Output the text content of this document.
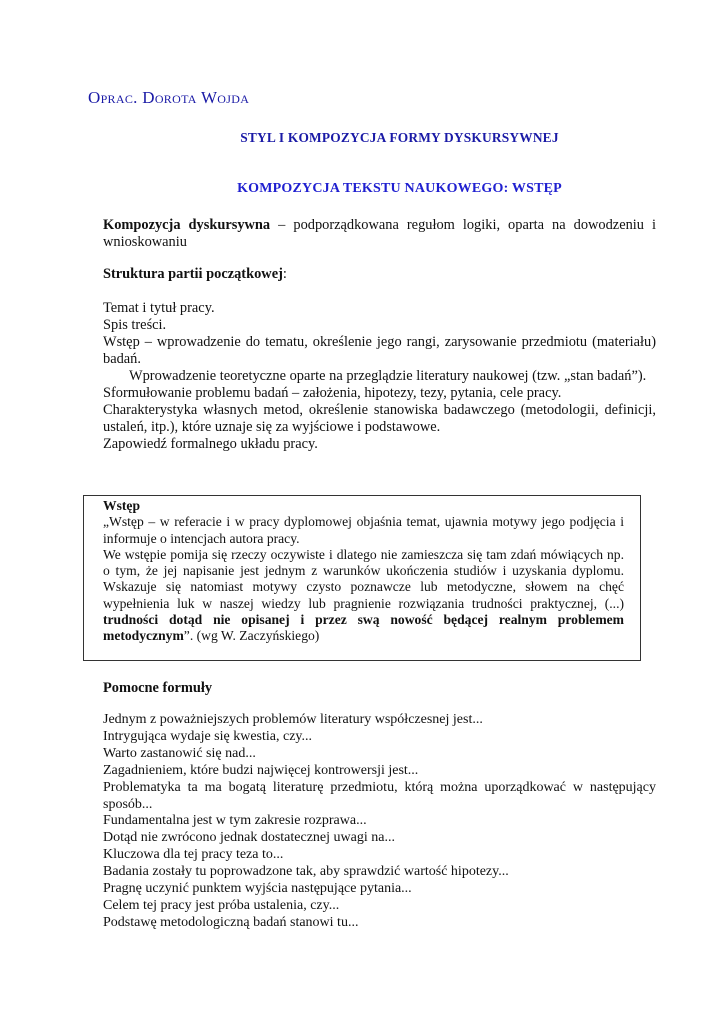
Oprac. Dorota Wojda
STYL I KOMPOZYCJA FORMY DYSKURSYWNEJ
KOMPOZYCJA TEKSTU NAUKOWEGO: WSTĘP
Kompozycja dyskursywna – podporządkowana regułom logiki, oparta na dowodzeniu i wnioskowaniu
Struktura partii początkowej:
Temat i tytuł pracy.
Spis treści.
Wstęp – wprowadzenie do tematu, określenie jego rangi, zarysowanie przedmiotu (materiału) badań.
Wprowadzenie teoretyczne oparte na przeglądzie literatury naukowej (tzw. „stan badań”).
Sformułowanie problemu badań – założenia, hipotezy, tezy, pytania, cele pracy.
Charakterystyka własnych metod, określenie stanowiska badawczego (metodologii, definicji, ustaleń, itp.), które uznaje się za wyjściowe i podstawowe.
Zapowiedź formalnego układu pracy.
Wstęp
„Wstęp – w referacie i w pracy dyplomowej objaśnia temat, ujawnia motywy jego podjęcia i informuje o intencjach autora pracy.
We wstępie pomija się rzeczy oczywiste i dlatego nie zamieszcza się tam zdań mówiących np. o tym, że jej napisanie jest jednym z warunków ukończenia studiów i uzyskania dyplomu. Wskazuje się natomiast motywy czysto poznawcze lub metodyczne, słowem na chęć wypełnienia luk w naszej wiedzy lub pragnienie rozwiązania trudności praktycznej, (...) trudności dotąd nie opisanej i przez swą nowość będącej realnym problemem metodycznym”. (wg W. Zaczyńskiego)
Pomocne formuły
Jednym z poważniejszych problemów literatury współczesnej jest...
Intrygująca wydaje się kwestia, czy...
Warto zastanowić się nad...
Zagadnieniem, które budzi najwięcej kontrowersji jest...
Problematyka ta ma bogatą literaturę przedmiotu, którą można uporządkować w następujący sposób...
Fundamentalna jest w tym zakresie rozprawa...
Dotąd nie zwrócono jednak dostatecznej uwagi na...
Kluczowa dla tej pracy teza to...
Badania zostały tu poprowadzone tak, aby sprawdzić wartość hipotezy...
Pragnę uczynić punktem wyjścia następujące pytania...
Celem tej pracy jest próba ustalenia, czy...
Podstawę metodologiczną badań stanowi tu...
